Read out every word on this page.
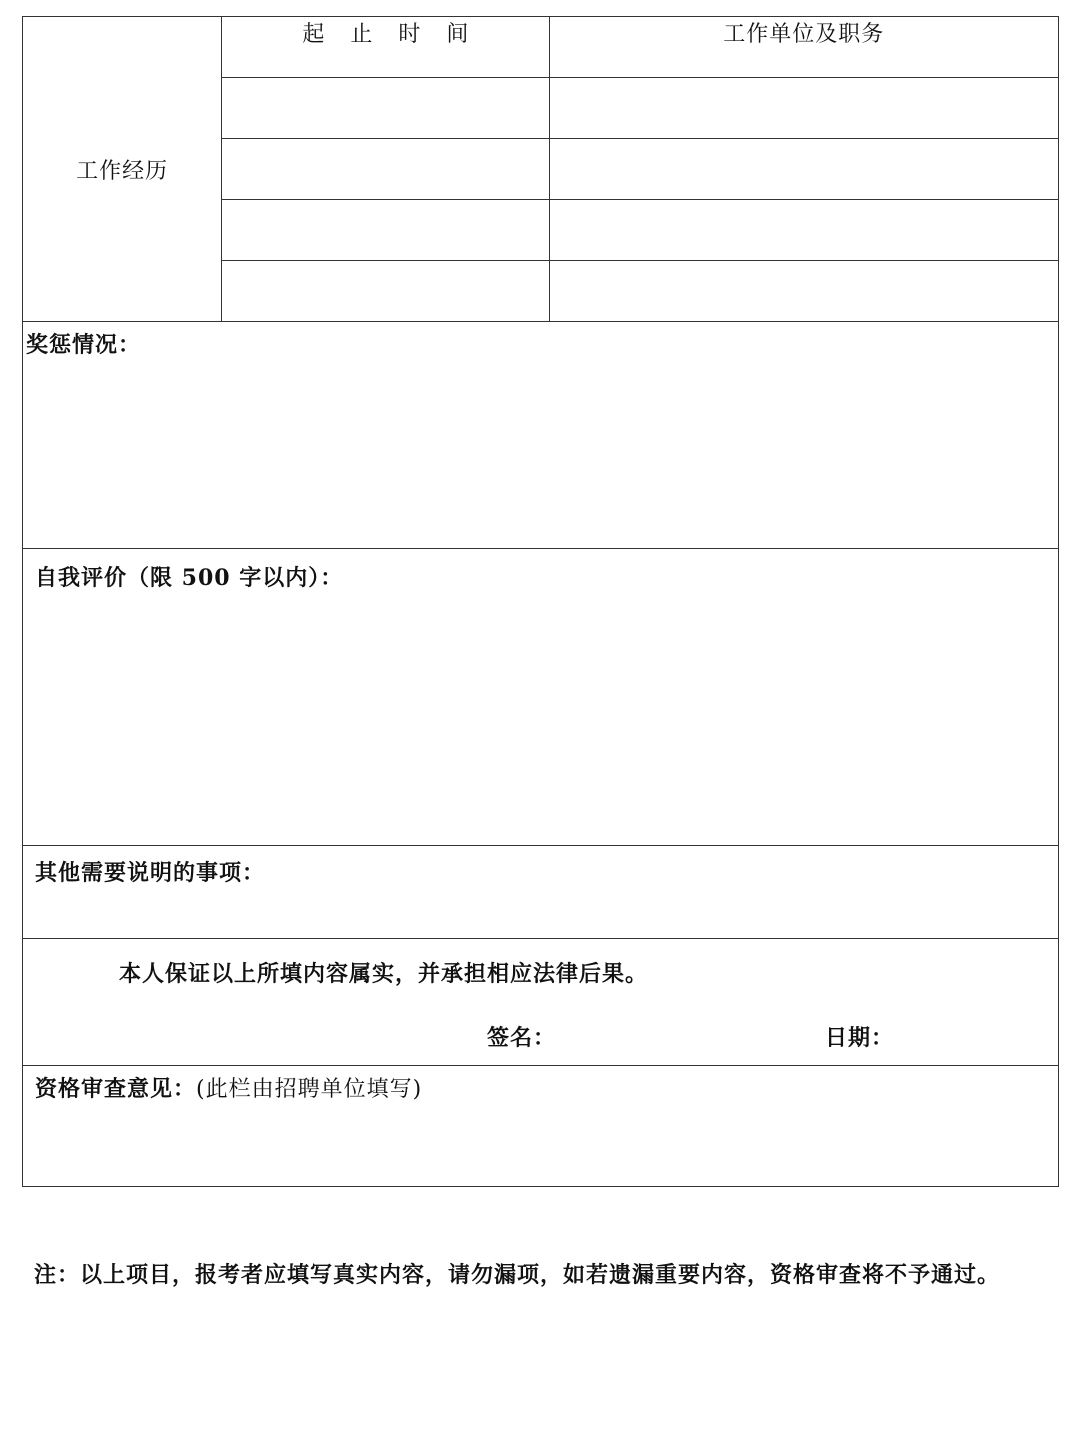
工作经历	起止时间	工作单位及职务

奖惩情况：		

自我评价（限 500 字以内）：		

其他需要说明的事项：		

本人保证以上所填内容属实，并承担相应法律后果。
签名： 日期：		

资格审查意见：(此栏由招聘单位填写)		
注：以上项目，报考者应填写真实内容，请勿漏项，如若遗漏重要内容，资格审查将不予通过。
